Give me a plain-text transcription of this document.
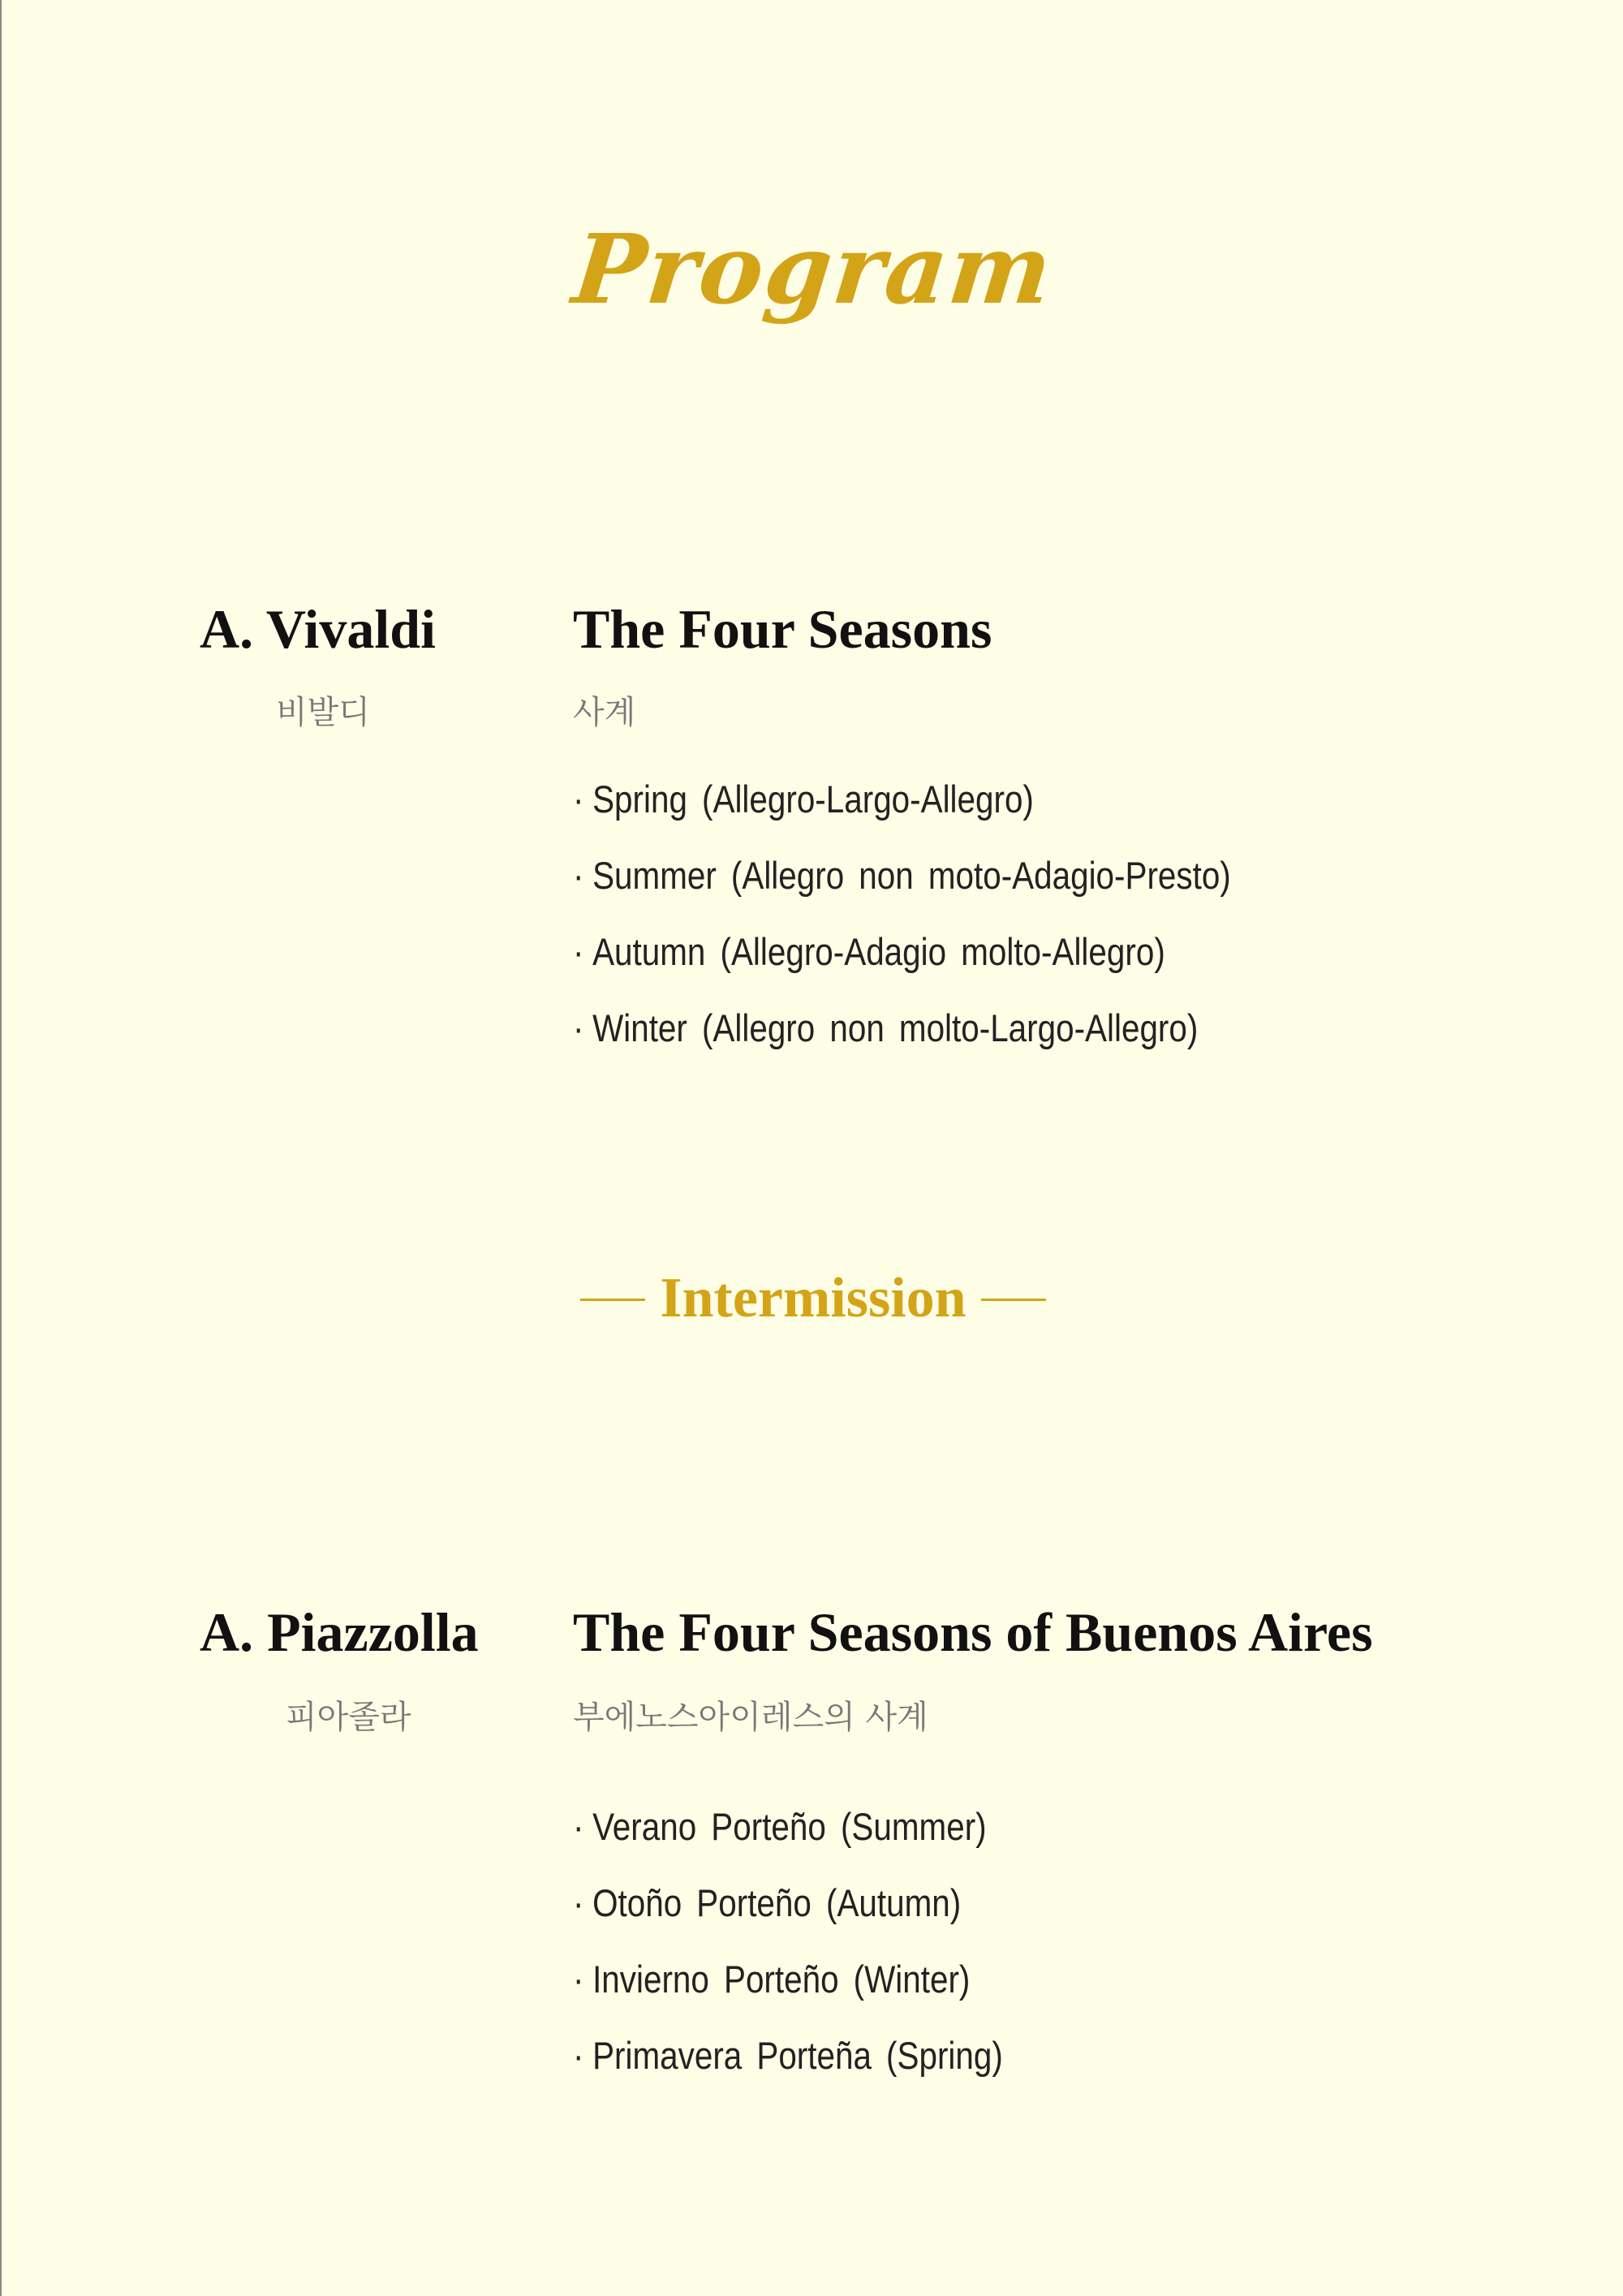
Program
A. Vivaldi
비발디
The Four Seasons
사계
· Spring (Allegro-Largo-Allegro)
· Summer (Allegro non moto-Adagio-Presto)
· Autumn (Allegro-Adagio molto-Allegro)
· Winter (Allegro non molto-Largo-Allegro)
Intermission
A. Piazzolla
피아졸라
The Four Seasons of Buenos Aires
부에노스아이레스의 사계
· Verano Porteño (Summer)
· Otoño Porteño (Autumn)
· Invierno Porteño (Winter)
· Primavera Porteña (Spring)
